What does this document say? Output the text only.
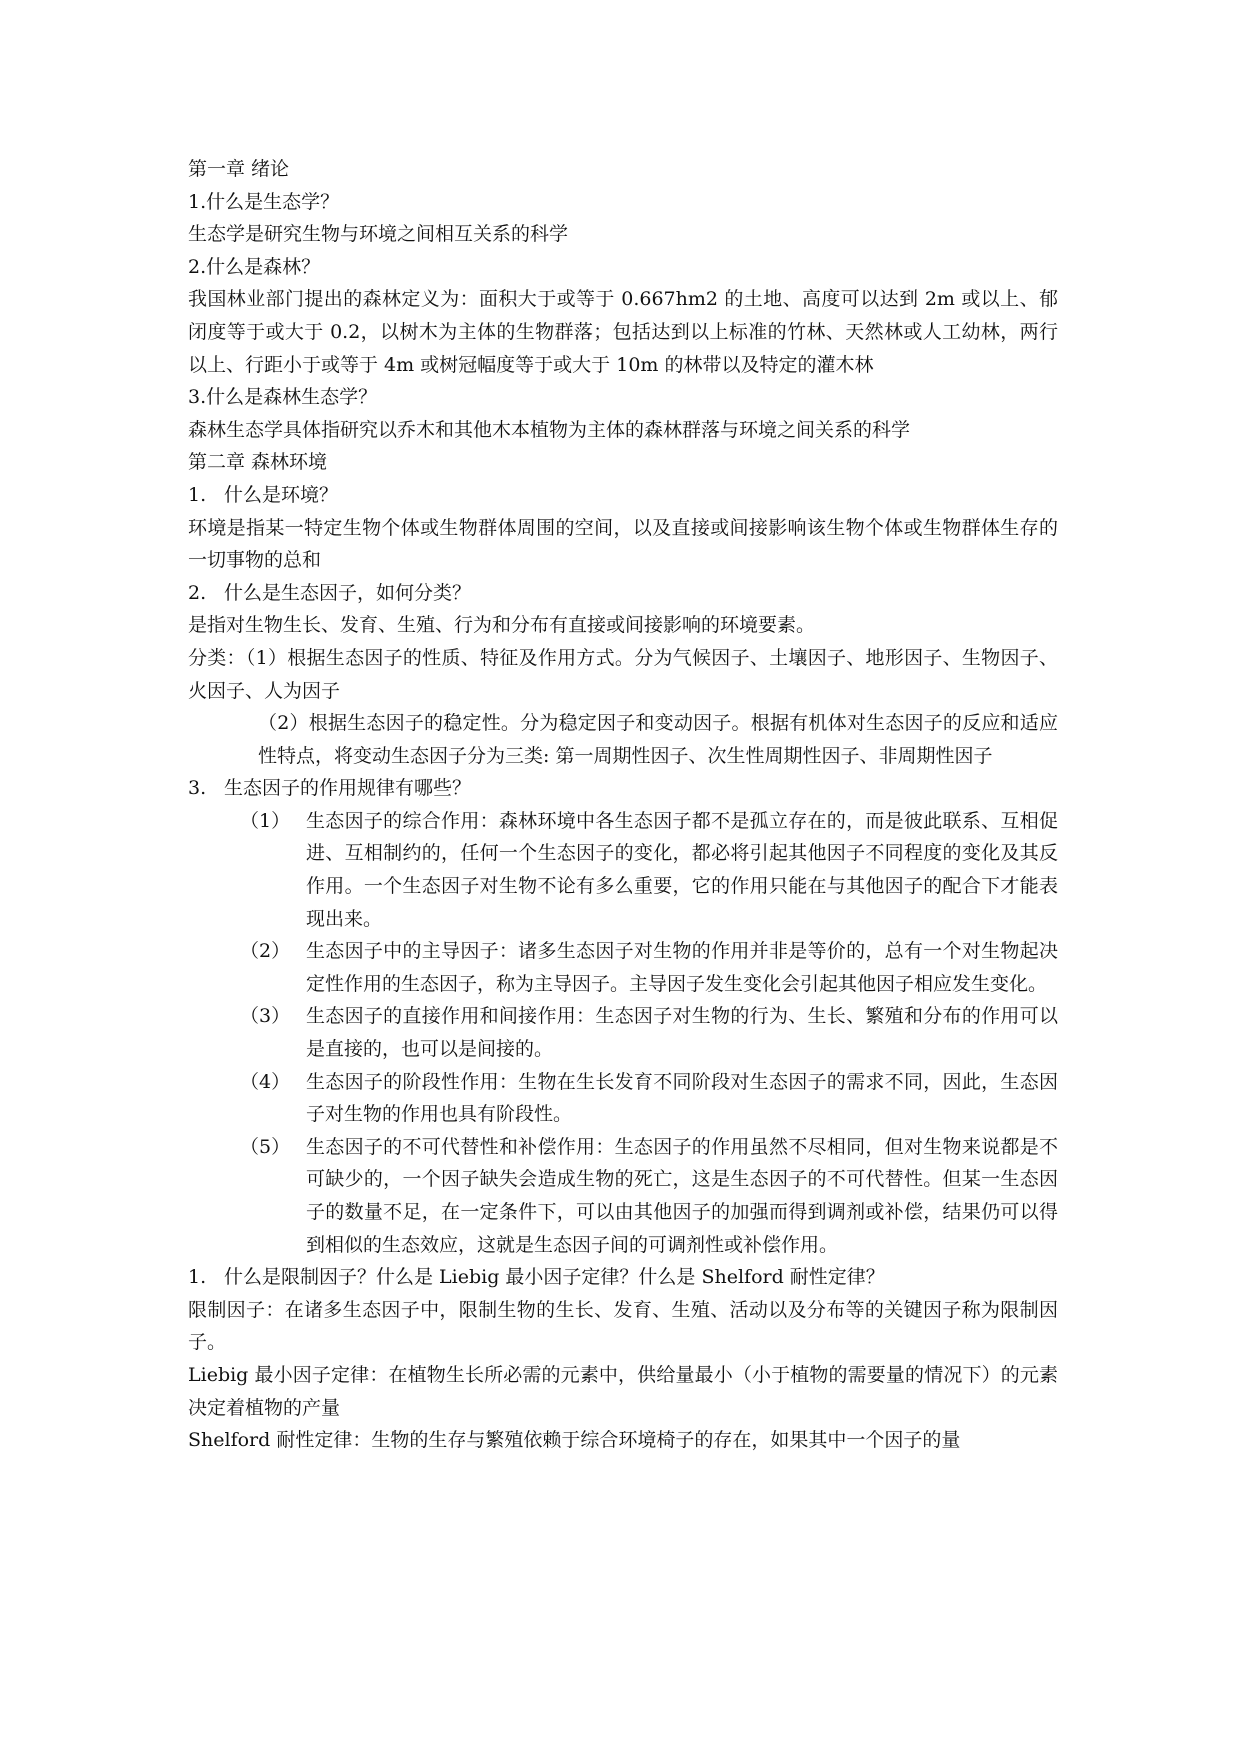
第一章 绪论

1.什么是生态学？

生态学是研究生物与环境之间相互关系的科学

2.什么是森林？

我国林业部门提出的森林定义为：面积大于或等于 0.667hm2 的土地、高度可以达到 2m 或以上、郁闭度等于或大于 0.2，以树木为主体的生物群落；包括达到以上标准的竹林、天然林或人工幼林，两行以上、行距小于或等于 4m 或树冠幅度等于或大于 10m 的林带以及特定的灌木林

3.什么是森林生态学？

森林生态学具体指研究以乔木和其他木本植物为主体的森林群落与环境之间关系的科学

第二章 森林环境

1. 什么是环境？

环境是指某一特定生物个体或生物群体周围的空间，以及直接或间接影响该生物个体或生物群体生存的一切事物的总和

2. 什么是生态因子，如何分类？

是指对生物生长、发育、生殖、行为和分布有直接或间接影响的环境要素。

分类：（1）根据生态因子的性质、特征及作用方式。分为气候因子、土壤因子、地形因子、生物因子、火因子、人为因子

（2）根据生态因子的稳定性。分为稳定因子和变动因子。根据有机体对生态因子的反应和适应性特点，将变动生态因子分为三类: 第一周期性因子、次生性周期性因子、非周期性因子

3. 生态因子的作用规律有哪些？

（1） 生态因子的综合作用：森林环境中各生态因子都不是孤立存在的，而是彼此联系、互相促进、互相制约的，任何一个生态因子的变化，都必将引起其他因子不同程度的变化及其反作用。一个生态因子对生物不论有多么重要，它的作用只能在与其他因子的配合下才能表现出来。
（2） 生态因子中的主导因子：诸多生态因子对生物的作用并非是等价的，总有一个对生物起决定性作用的生态因子，称为主导因子。主导因子发生变化会引起其他因子相应发生变化。
（3） 生态因子的直接作用和间接作用：生态因子对生物的行为、生长、繁殖和分布的作用可以是直接的，也可以是间接的。
（4） 生态因子的阶段性作用：生物在生长发育不同阶段对生态因子的需求不同，因此，生态因子对生物的作用也具有阶段性。
（5） 生态因子的不可代替性和补偿作用：生态因子的作用虽然不尽相同，但对生物来说都是不可缺少的，一个因子缺失会造成生物的死亡，这是生态因子的不可代替性。但某一生态因子的数量不足，在一定条件下，可以由其他因子的加强而得到调剂或补偿，结果仍可以得到相似的生态效应，这就是生态因子间的可调剂性或补偿作用。

1. 什么是限制因子？什么是 Liebig 最小因子定律？什么是 Shelford 耐性定律？

限制因子：在诸多生态因子中，限制生物的生长、发育、生殖、活动以及分布等的关键因子称为限制因子。

Liebig 最小因子定律：在植物生长所必需的元素中，供给量最小（小于植物的需要量的情况下）的元素决定着植物的产量

Shelford 耐性定律：生物的生存与繁殖依赖于综合环境椅子的存在，如果其中一个因子的量
